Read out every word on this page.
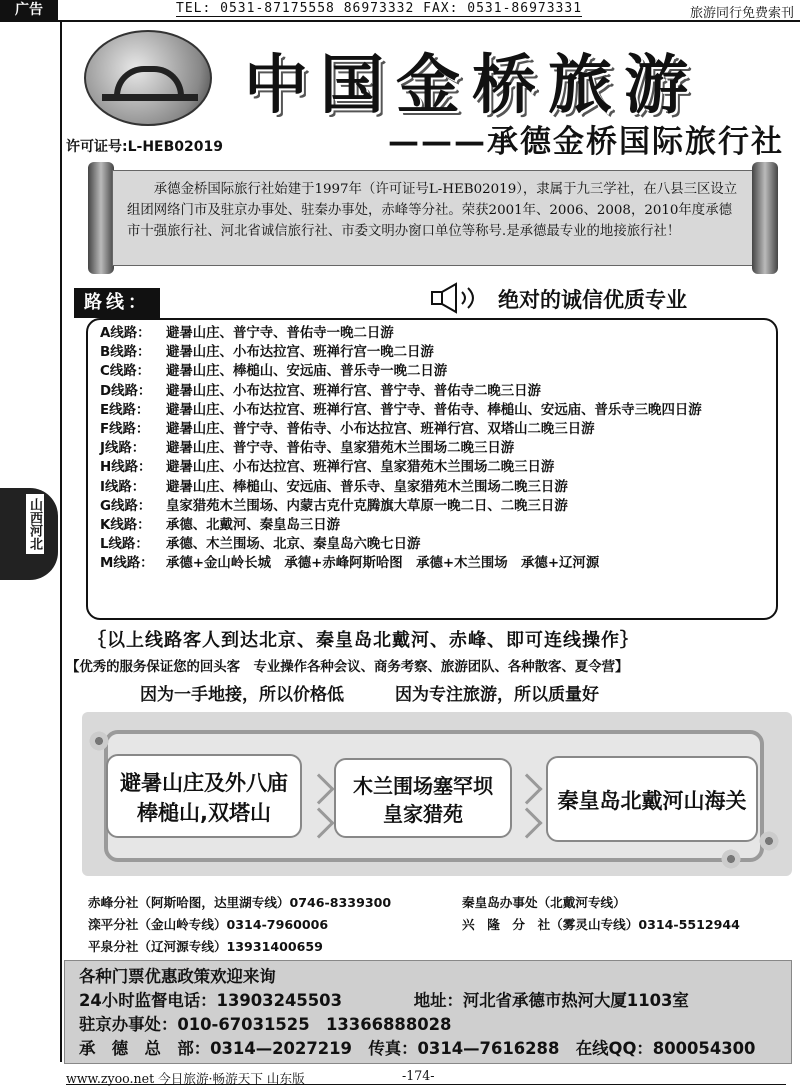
广告	TEL: 0531-87175558 86973332 FAX: 0531-86973331	旅游同行免费索刊
中国金桥旅游
许可证号:L-HEB02019	———承德金桥国际旅行社
承德金桥国际旅行社始建于1997年（许可证号L-HEB02019），隶属于九三学社，在八县三区设立组团网络门市及驻京办事处、驻秦办事处，赤峰等分社。荣获2001年、2006、2008，2010年度承德市十强旅行社、河北省诚信旅行社、市委文明办窗口单位等称号.是承德最专业的地接旅行社！
路线：	绝对的诚信优质专业
A线路：	避暑山庄、普宁寺、普佑寺一晚二日游
B线路：	避暑山庄、小布达拉宫、班禅行宫一晚二日游
C线路：	避暑山庄、棒槌山、安远庙、普乐寺一晚二日游
D线路：	避暑山庄、小布达拉宫、班禅行宫、普宁寺、普佑寺二晚三日游
E线路：	避暑山庄、小布达拉宫、班禅行宫、普宁寺、普佑寺、棒槌山、安远庙、普乐寺三晚四日游
F线路：	避暑山庄、普宁寺、普佑寺、小布达拉宫、班禅行宫、双塔山二晚三日游
J线路：	避暑山庄、普宁寺、普佑寺、皇家猎苑木兰围场二晚三日游
H线路：	避暑山庄、小布达拉宫、班禅行宫、皇家猎苑木兰围场二晚三日游
I线路：	避暑山庄、棒槌山、安远庙、普乐寺、皇家猎苑木兰围场二晚三日游
G线路：	皇家猎苑木兰围场、内蒙古克什克腾旗大草原一晚二日、二晚三日游
K线路：	承德、北戴河、秦皇岛三日游
L线路：	承德、木兰围场、北京、秦皇岛六晚七日游
M线路： 承德+金山岭长城　承德+赤峰阿斯哈图　承德+木兰围场　承德+辽河源
｛以上线路客人到达北京、秦皇岛北戴河、赤峰、即可连线操作｝
【优秀的服务保证您的回头客　专业操作各种会议、商务考察、旅游团队、各种散客、夏令营】
因为一手地接，所以价格低　　　因为专注旅游，所以质量好
避暑山庄及外八庙
棒槌山,双塔山
木兰围场塞罕坝
皇家猎苑
秦皇岛北戴河山海关
赤峰分社（阿斯哈图，达里湖专线）0746-8339300	秦皇岛办事处（北戴河专线）
滦平分社（金山岭专线）0314-7960006	兴　隆　分　社（雾灵山专线）0314-5512944
平泉分社（辽河源专线）13931400659
各种门票优惠政策欢迎来询
24小时监督电话：13903245503	地址：河北省承德市热河大厦1103室
驻京办事处：010-67031525　13366888028
承　德　总　部：0314—2027219　传真：0314—7616288　在线QQ：800054300
山西河北
www.zyoo.net 今日旅游·畅游天下 山东版	-174-
